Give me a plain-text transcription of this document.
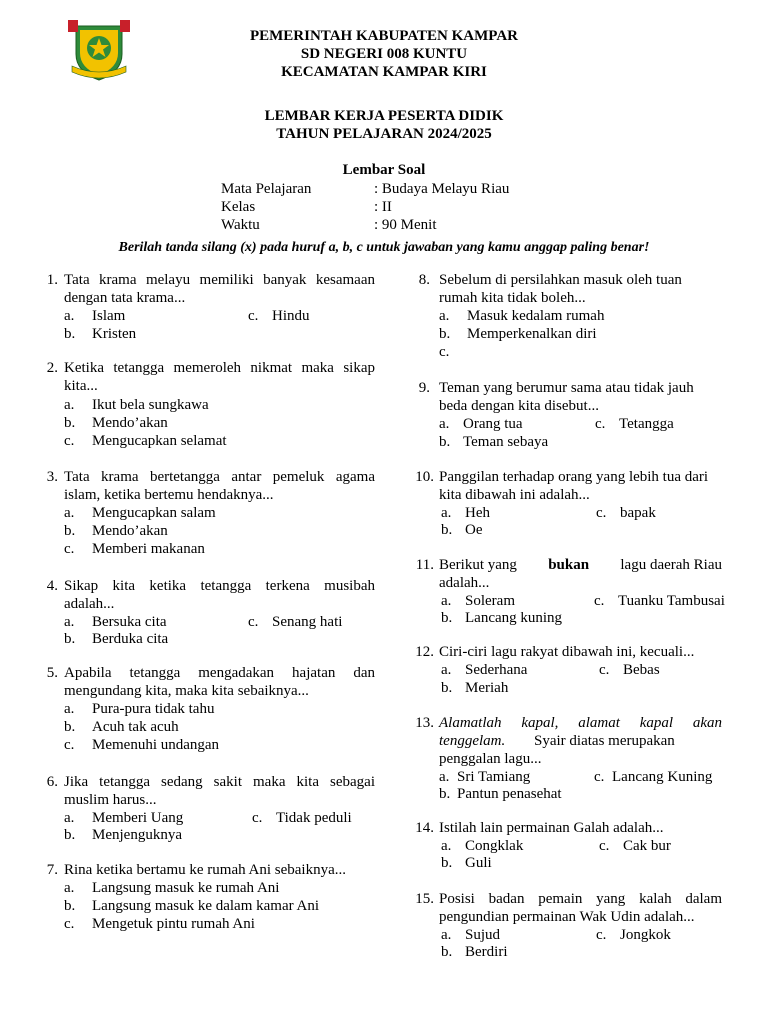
PEMERINTAH KABUPATEN KAMPAR
SD NEGERI 008 KUNTU
KECAMATAN KAMPAR KIRI
LEMBAR KERJA PESERTA DIDIK
TAHUN PELAJARAN 2024/2025
Lembar Soal
Mata Pelajaran	: Budaya Melayu Riau
Kelas	: II
Waktu	: 90 Menit
Berilah tanda silang (x) pada huruf a, b, c untuk jawaban yang kamu anggap paling benar!
1. Tata krama melayu memiliki banyak kesamaan
dengan tata krama...
a. Islam	c. Hindu
b. Kristen
2. Ketika tetangga memeroleh nikmat maka sikap
kita...
a. Ikut bela sungkawa
b. Mendo’akan
c. Mengucapkan selamat
3. Tata krama bertetangga antar pemeluk agama
islam, ketika bertemu hendaknya...
a. Mengucapkan salam
b. Mendo’akan
c. Memberi makanan
4. Sikap kita ketika tetangga terkena musibah
adalah...
a. Bersuka cita	c. Senang hati
b. Berduka cita
5. Apabila tetangga mengadakan hajatan dan
mengundang kita, maka kita sebaiknya...
a. Pura-pura tidak tahu
b. Acuh tak acuh
c. Memenuhi undangan
6. Jika tetangga sedang sakit maka kita sebagai
muslim harus...
a. Memberi Uang	c. Tidak peduli
b. Menjenguknya
7. Rina ketika bertamu ke rumah Ani sebaiknya...
a. Langsung masuk ke rumah Ani
b. Langsung masuk ke dalam kamar Ani
c. Mengetuk pintu rumah Ani
8. Sebelum di persilahkan masuk oleh tuan
rumah kita tidak boleh...
a. Masuk kedalam rumah
b. Memperkenalkan diri
c.
9. Teman yang berumur sama atau tidak jauh
beda dengan kita disebut...
a. Orang tua	c. Tetangga
b. Teman sebaya
10. Panggilan terhadap orang yang lebih tua dari
kita dibawah ini adalah...
a. Heh	c. bapak
b. Oe
11. Berikut yang bukan lagu daerah Riau
adalah...
a. Soleram	c. Tuanku Tambusai
b. Lancang kuning
12. Ciri-ciri lagu rakyat dibawah ini, kecuali...
a. Sederhana	c. Bebas
b. Meriah
13. Alamatlah kapal, alamat kapal akan
tenggelam. Syair diatas merupakan
penggalan lagu...
a. Sri Tamiang	c. Lancang Kuning
b. Pantun penasehat
14. Istilah lain permainan Galah adalah...
a. Congklak	c. Cak bur
b. Guli
15. Posisi badan pemain yang kalah dalam
pengundian permainan Wak Udin adalah...
a. Sujud	c. Jongkok
b. Berdiri
